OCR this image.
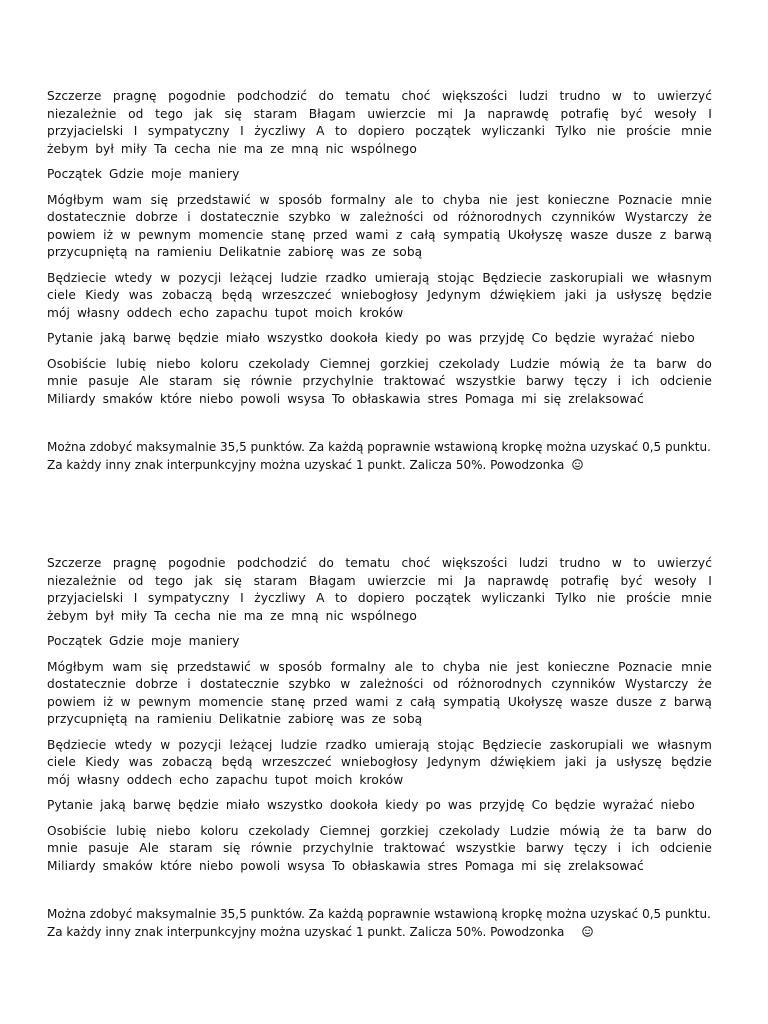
Szczerze pragnę pogodnie podchodzić do tematu choć większości ludzi trudno w to uwierzyć niezależnie od tego jak się staram Błagam uwierzcie mi Ja naprawdę potrafię być wesoły I przyjacielski I sympatyczny I życzliwy A to dopiero początek wyliczanki Tylko nie proście mnie żebym był miły Ta cecha nie ma ze mną nic wspólnego

Początek Gdzie moje maniery

Mógłbym wam się przedstawić w sposób formalny ale to chyba nie jest konieczne Poznacie mnie dostatecznie dobrze i dostatecznie szybko w zależności od różnorodnych czynników Wystarczy że powiem iż w pewnym momencie stanę przed wami z całą sympatią Ukołyszę wasze dusze z barwą przycupniętą na ramieniu Delikatnie zabiorę was ze sobą

Będziecie wtedy w pozycji leżącej ludzie rzadko umierają stojąc Będziecie zaskorupiali we własnym ciele Kiedy was zobaczą będą wrzeszczeć wniebogłosy Jedynym dźwiękiem jaki ja usłyszę będzie mój własny oddech echo zapachu tupot moich kroków

Pytanie jaką barwę będzie miało wszystko dookoła kiedy po was przyjdę Co będzie wyrażać niebo

Osobiście lubię niebo koloru czekolady Ciemnej gorzkiej czekolady Ludzie mówią że ta barw do mnie pasuje Ale staram się równie przychylnie traktować wszystkie barwy tęczy i ich odcienie Miliardy smaków które niebo powoli wsysa To obłaskawia stres Pomaga mi się zrelaksować

Można zdobyć maksymalnie 35,5 punktów. Za każdą poprawnie wstawioną kropkę można uzyskać 0,5 punktu. Za każdy inny znak interpunkcyjny można uzyskać 1 punkt. Zalicza 50%. Powodzonka

Szczerze pragnę pogodnie podchodzić do tematu choć większości ludzi trudno w to uwierzyć niezależnie od tego jak się staram Błagam uwierzcie mi Ja naprawdę potrafię być wesoły I przyjacielski I sympatyczny I życzliwy A to dopiero początek wyliczanki Tylko nie proście mnie żebym był miły Ta cecha nie ma ze mną nic wspólnego

Początek Gdzie moje maniery

Mógłbym wam się przedstawić w sposób formalny ale to chyba nie jest konieczne Poznacie mnie dostatecznie dobrze i dostatecznie szybko w zależności od różnorodnych czynników Wystarczy że powiem iż w pewnym momencie stanę przed wami z całą sympatią Ukołyszę wasze dusze z barwą przycupniętą na ramieniu Delikatnie zabiorę was ze sobą

Będziecie wtedy w pozycji leżącej ludzie rzadko umierają stojąc Będziecie zaskorupiali we własnym ciele Kiedy was zobaczą będą wrzeszczeć wniebogłosy Jedynym dźwiękiem jaki ja usłyszę będzie mój własny oddech echo zapachu tupot moich kroków

Pytanie jaką barwę będzie miało wszystko dookoła kiedy po was przyjdę Co będzie wyrażać niebo

Osobiście lubię niebo koloru czekolady Ciemnej gorzkiej czekolady Ludzie mówią że ta barw do mnie pasuje Ale staram się równie przychylnie traktować wszystkie barwy tęczy i ich odcienie Miliardy smaków które niebo powoli wsysa To obłaskawia stres Pomaga mi się zrelaksować

Można zdobyć maksymalnie 35,5 punktów. Za każdą poprawnie wstawioną kropkę można uzyskać 0,5 punktu. Za każdy inny znak interpunkcyjny można uzyskać 1 punkt. Zalicza 50%. Powodzonka
